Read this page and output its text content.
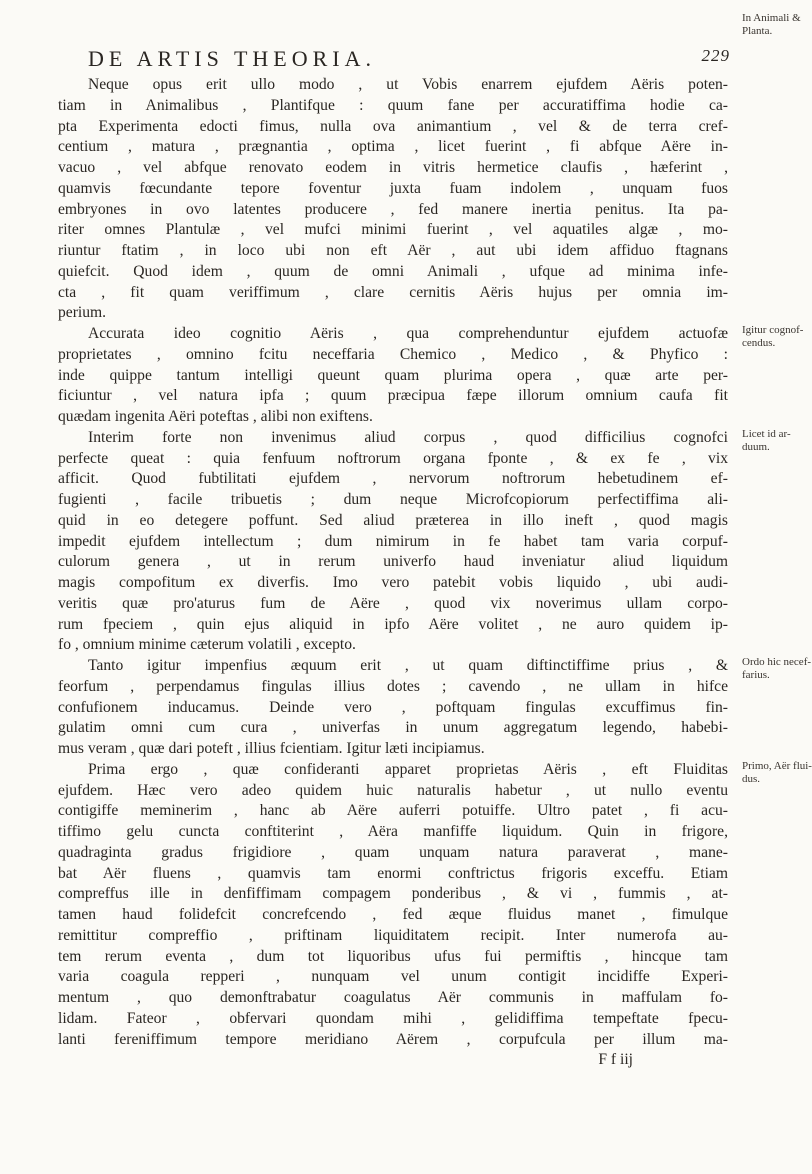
DE ARTIS THEORIA.	229
Neque opus erit ullo modo , ut Vobis enarrem ejufdem Aëris poten-
tiam in Animalibus , Plantifque : quum fane per accuratiffima hodie ca-
pta Experimenta edocti fimus, nulla ova animantium , vel & de terra cref-
centium , matura , prægnantia , optima , licet fuerint , fi abfque Aëre in-
vacuo , vel abfque renovato eodem in vitris hermetice claufis , hæferint ,
quamvis fœcundante tepore foventur juxta fuam indolem , unquam fuos
embryones in ovo latentes producere , fed manere inertia penitus. Ita pa-
riter omnes Plantulæ , vel mufci minimi fuerint , vel aquatiles algæ , mo-
riuntur ftatim , in loco ubi non eft Aër , aut ubi idem affiduo ftagnans
quiefcit. Quod idem , quum de omni Animali , ufque ad minima infe-
cta , fit quam veriffimum , clare cernitis Aëris hujus per omnia im-
perium.
Accurata ideo cognitio Aëris , qua comprehenduntur ejufdem actuofæ
proprietates , omnino fcitu neceffaria Chemico , Medico , & Phyfico :
inde quippe tantum intelligi queunt quam plurima opera , quæ arte per-
ficiuntur , vel natura ipfa ; quum præcipua fæpe illorum omnium caufa fit
quædam ingenita Aëri poteftas , alibi non exiftens.
Interim forte non invenimus aliud corpus , quod difficilius cognofci
perfecte queat : quia fenfuum noftrorum organa fponte , & ex fe , vix
afficit. Quod fubtilitati ejufdem , nervorum noftrorum hebetudinem ef-
fugienti , facile tribuetis ; dum neque Microfcopiorum perfectiffima ali-
quid in eo detegere poffunt. Sed aliud præterea in illo ineft , quod magis
impedit ejufdem intellectum ; dum nimirum in fe habet tam varia corpuf-
culorum genera , ut in rerum univerfo haud inveniatur aliud liquidum
magis compofitum ex diverfis. Imo vero patebit vobis liquido , ubi audi-
veritis quæ pro'aturus fum de Aëre , quod vix noverimus ullam corpo-
rum fpeciem , quin ejus aliquid in ipfo Aëre volitet , ne auro quidem ip-
fo , omnium minime cæterum volatili , excepto.
Tanto igitur impenfius æquum erit , ut quam diftinctiffime prius , &
feorfum , perpendamus fingulas illius dotes ; cavendo , ne ullam in hifce
confufionem inducamus. Deinde vero , poftquam fingulas excuffimus fin-
gulatim omni cum cura , univerfas in unum aggregatum legendo, habebi-
mus veram , quæ dari poteft , illius fcientiam. Igitur læti incipiamus.
Prima ergo , quæ confideranti apparet proprietas Aëris , eft Fluiditas
ejufdem. Hæc vero adeo quidem huic naturalis habetur , ut nullo eventu
contigiffe meminerim , hanc ab Aëre auferri potuiffe. Ultro patet , fi acu-
tiffimo gelu cuncta conftiterint , Aëra manfiffe liquidum. Quin in frigore,
quadraginta gradus frigidiore , quam unquam natura paraverat , mane-
bat Aër fluens , quamvis tam enormi conftrictus frigoris exceffu. Etiam
compreffus ille in denfiffimam compagem ponderibus , & vi , fummis , at-
tamen haud folidefcit concrefcendo , fed æque fluidus manet , fimulque
remittitur compreffio , priftinam liquiditatem recipit. Inter numerofa au-
tem rerum eventa , dum tot liquoribus ufus fui permiftis , hincque tam
varia coagula repperi , nunquam vel unum contigit incidiffe Experi-
mentum , quo demonftrabatur coagulatus Aër communis in maffulam fo-
lidam. Fateor , obfervari quondam mihi , gelidiffima tempeftate fpecu-
lanti fereniffimum tempore meridiano Aërem , corpufcula per illum ma-
F f iij
In Animali &
Planta.
Igitur cognof-
cendus.
Licet id ar-
duum.
Ordo hic necef-
farius.
Primo, Aër flui-
dus.
